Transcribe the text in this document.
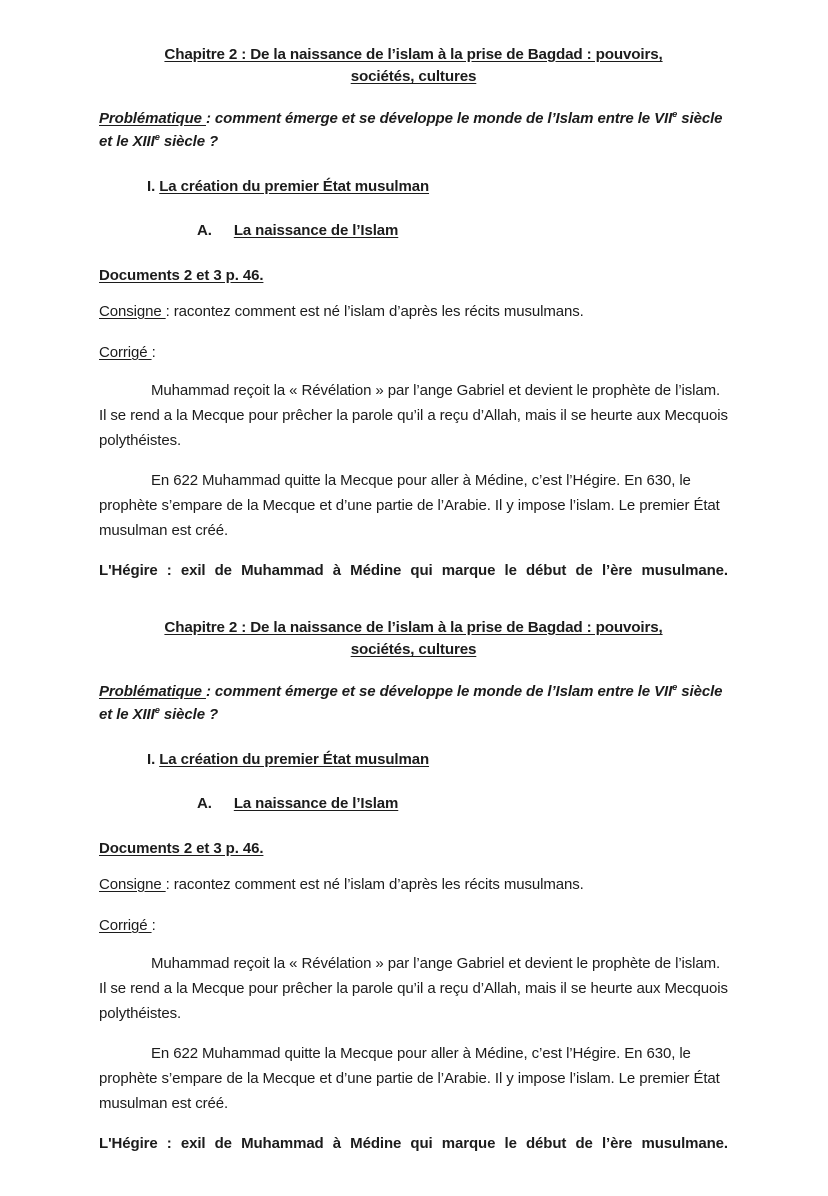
Chapitre 2 : De la naissance de l’islam à la prise de Bagdad : pouvoirs,
sociétés, cultures

Problématique : comment émerge et se développe le monde de l’Islam entre le VIIe siècle et le XIIIe siècle ?

I. La création du premier État musulman
A. La naissance de l’Islam

Documents 2 et 3 p. 46.

Consigne : racontez comment est né l’islam d’après les récits musulmans.

Corrigé :

Muhammad reçoit la « Révélation » par l’ange Gabriel et devient le prophète de l’islam. Il se rend a la Mecque pour prêcher la parole qu’il a reçu d’Allah, mais il se heurte aux Mecquois polythéistes.

En 622 Muhammad quitte la Mecque pour aller à Médine, c’est l’Hégire. En 630, le prophète s’empare de la Mecque et d’une partie de l’Arabie. Il y impose l’islam. Le premier État musulman est créé.

L'Hégire : exil de Muhammad à Médine qui marque le début de l’ère musulmane.

Chapitre 2 : De la naissance de l’islam à la prise de Bagdad : pouvoirs,
sociétés, cultures

Problématique : comment émerge et se développe le monde de l’Islam entre le VIIe siècle et le XIIIe siècle ?

I. La création du premier État musulman
A. La naissance de l’Islam

Documents 2 et 3 p. 46.

Consigne : racontez comment est né l’islam d’après les récits musulmans.

Corrigé :

Muhammad reçoit la « Révélation » par l’ange Gabriel et devient le prophète de l’islam. Il se rend a la Mecque pour prêcher la parole qu’il a reçu d’Allah, mais il se heurte aux Mecquois polythéistes.

En 622 Muhammad quitte la Mecque pour aller à Médine, c’est l’Hégire. En 630, le prophète s’empare de la Mecque et d’une partie de l’Arabie. Il y impose l’islam. Le premier État musulman est créé.

L'Hégire : exil de Muhammad à Médine qui marque le début de l’ère musulmane.
